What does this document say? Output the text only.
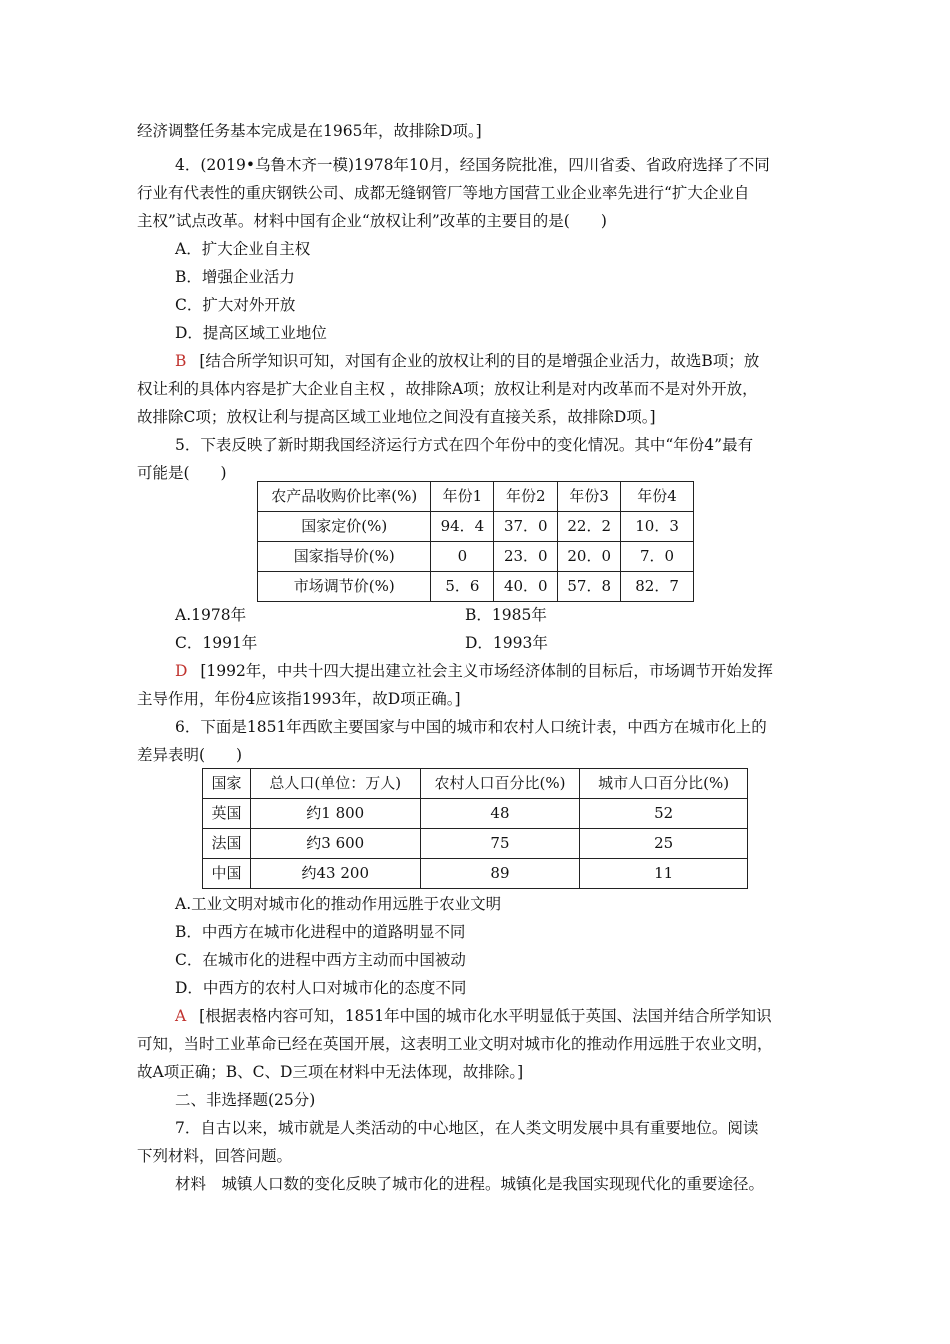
经济调整任务基本完成是在1965年，故排除D项。]
4．(2019•乌鲁木齐一模)1978年10月，经国务院批准，四川省委、省政府选择了不同
行业有代表性的重庆钢铁公司、成都无缝钢管厂等地方国营工业企业率先进行“扩大企业自
主权”试点改革。材料中国有企业“放权让利”改革的主要目的是(　　)
A．扩大企业自主权
B．增强企业活力
C．扩大对外开放
D．提高区域工业地位
B [结合所学知识可知，对国有企业的放权让利的目的是增强企业活力，故选B项；放
权让利的具体内容是扩大企业自主权 ，故排除A项；放权让利是对内改革而不是对外开放，
故排除C项；放权让利与提高区域工业地位之间没有直接关系，故排除D项。]
5．下表反映了新时期我国经济运行方式在四个年份中的变化情况。其中“年份4”最有
可能是(　　)
农产品收购价比率(%)	年份1	年份2	年份3	年份4
国家定价(%)	94．4	37．0	22．2	10．3
国家指导价(%)	0	23．0	20．0	7．0
市场调节价(%)	5．6	40．0	57．8	82．7
A.1978年	B．1985年
C．1991年	D．1993年
D [1992年，中共十四大提出建立社会主义市场经济体制的目标后，市场调节开始发挥
主导作用，年份4应该指1993年，故D项正确。]
6．下面是1851年西欧主要国家与中国的城市和农村人口统计表，中西方在城市化上的
差异表明(　　)
国家	总人口(单位：万人)	农村人口百分比(%)	城市人口百分比(%)
英国	约1 800	48	52
法国	约3 600	75	25
中国	约43 200	89	11
A.工业文明对城市化的推动作用远胜于农业文明
B．中西方在城市化进程中的道路明显不同
C．在城市化的进程中西方主动而中国被动
D．中西方的农村人口对城市化的态度不同
A [根据表格内容可知，1851年中国的城市化水平明显低于英国、法国并结合所学知识
可知，当时工业革命已经在英国开展，这表明工业文明对城市化的推动作用远胜于农业文明，
故A项正确；B、C、D三项在材料中无法体现，故排除。]
二、非选择题(25分)
7．自古以来，城市就是人类活动的中心地区，在人类文明发展中具有重要地位。阅读
下列材料，回答问题。
材料　城镇人口数的变化反映了城市化的进程。城镇化是我国实现现代化的重要途径。
